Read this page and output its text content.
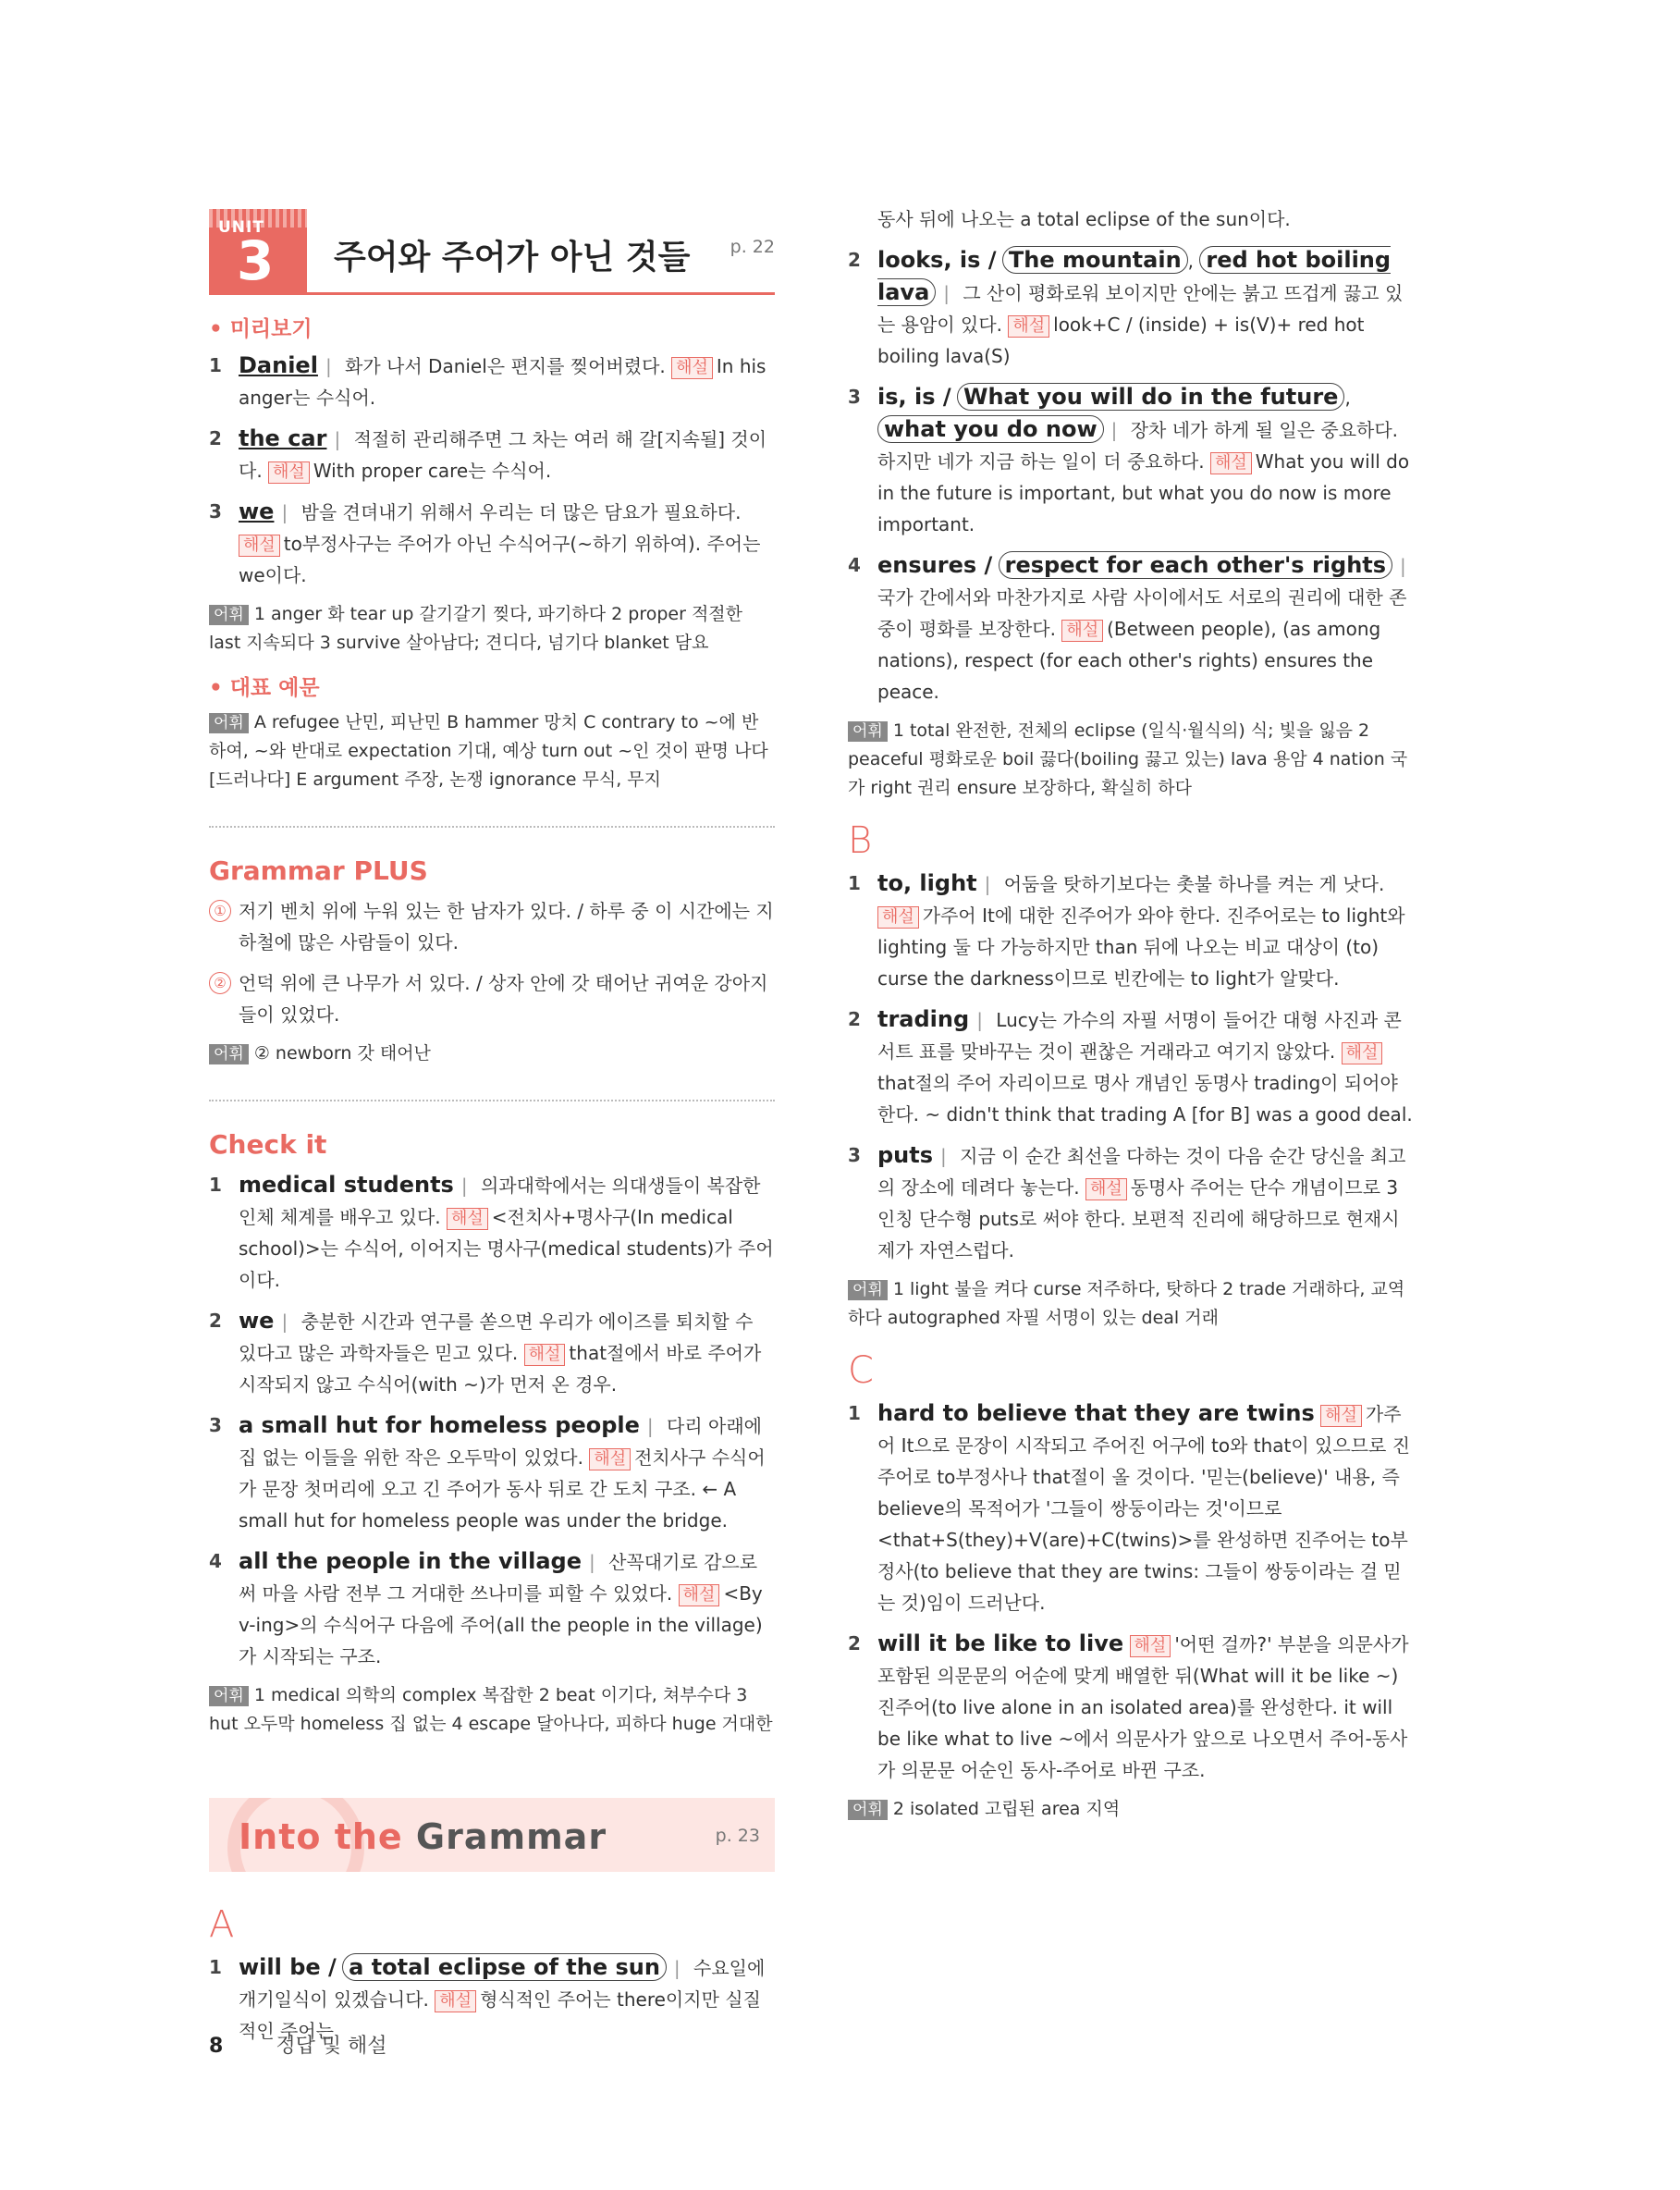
UNIT
3 주어와 주어가 아닌 것들 p. 22
• 미리보기
1 Daniel | 화가 나서 Daniel은 편지를 찢어버렸다. 해설 In his anger는 수식어.
2 the car | 적절히 관리해주면 그 차는 여러 해 갈[지속될] 것이다. 해설 With proper care는 수식어.
3 we | 밤을 견뎌내기 위해서 우리는 더 많은 담요가 필요하다. 해설 to부정사구는 주어가 아닌 수식어구(~하기 위하여). 주어는 we이다.
어휘 1 anger 화 tear up 갈기갈기 찢다, 파기하다 2 proper 적절한 last 지속되다 3 survive 살아남다; 견디다, 넘기다 blanket 담요
• 대표 예문
어휘 A refugee 난민, 피난민 B hammer 망치 C contrary to ~에 반하여, ~와 반대로 expectation 기대, 예상 turn out ~인 것이 판명 나다[드러나다] E argument 주장, 논쟁 ignorance 무식, 무지
Grammar PLUS
① 저기 벤치 위에 누워 있는 한 남자가 있다. / 하루 중 이 시간에는 지하철에 많은 사람들이 있다.
② 언덕 위에 큰 나무가 서 있다. / 상자 안에 갓 태어난 귀여운 강아지들이 있었다.
어휘 ② newborn 갓 태어난
Check it
1 medical students | 의과대학에서는 의대생들이 복잡한 인체 체계를 배우고 있다. 해설 <전치사+명사구(In medical school)>는 수식어, 이어지는 명사구(medical students)가 주어이다.
2 we | 충분한 시간과 연구를 쏟으면 우리가 에이즈를 퇴치할 수 있다고 많은 과학자들은 믿고 있다. 해설 that절에서 바로 주어가 시작되지 않고 수식어(with ~)가 먼저 온 경우.
3 a small hut for homeless people | 다리 아래에 집 없는 이들을 위한 작은 오두막이 있었다. 해설 전치사구 수식어가 문장 첫머리에 오고 긴 주어가 동사 뒤로 간 도치 구조. ← A small hut for homeless people was under the bridge.
4 all the people in the village | 산꼭대기로 감으로써 마을 사람 전부 그 거대한 쓰나미를 피할 수 있었다. 해설 <By v-ing>의 수식어구 다음에 주어(all the people in the village)가 시작되는 구조.
어휘 1 medical 의학의 complex 복잡한 2 beat 이기다, 쳐부수다 3 hut 오두막 homeless 집 없는 4 escape 달아나다, 피하다 huge 거대한
Into the Grammar	p. 23
A
1 will be / a total eclipse of the sun | 수요일에 개기일식이 있겠습니다. 해설 형식적인 주어는 there이지만 실질적인 주어는
동사 뒤에 나오는 a total eclipse of the sun이다.
2 looks, is / The mountain , red hot boiling lava | 그 산이 평화로워 보이지만 안에는 붉고 뜨겁게 끓고 있는 용암이 있다. 해설 look+C / (inside) + is(V)+ red hot boiling lava(S)
3 is, is / What you will do in the future , what you do now | 장차 네가 하게 될 일은 중요하다. 하지만 네가 지금 하는 일이 더 중요하다. 해설 What you will do in the future is important, but what you do now is more important.
4 ensures / respect for each other's rights | 국가 간에서와 마찬가지로 사람 사이에서도 서로의 권리에 대한 존중이 평화를 보장한다. 해설 (Between people), (as among nations), respect (for each other's rights) ensures the peace.
어휘 1 total 완전한, 전체의 eclipse (일식·월식의) 식; 빛을 잃음 2 peaceful 평화로운 boil 끓다(boiling 끓고 있는) lava 용암 4 nation 국가 right 권리 ensure 보장하다, 확실히 하다
B
1 to, light | 어둠을 탓하기보다는 촛불 하나를 켜는 게 낫다. 해설 가주어 It에 대한 진주어가 와야 한다. 진주어로는 to light와 lighting 둘 다 가능하지만 than 뒤에 나오는 비교 대상이 (to) curse the darkness이므로 빈칸에는 to light가 알맞다.
2 trading | Lucy는 가수의 자필 서명이 들어간 대형 사진과 콘서트 표를 맞바꾸는 것이 괜찮은 거래라고 여기지 않았다. 해설that절의 주어 자리이므로 명사 개념인 동명사 trading이 되어야 한다. ~ didn't think that trading A [for B] was a good deal.
3 puts | 지금 이 순간 최선을 다하는 것이 다음 순간 당신을 최고의 장소에 데려다 놓는다. 해설 동명사 주어는 단수 개념이므로 3인칭 단수형 puts로 써야 한다. 보편적 진리에 해당하므로 현재시제가 자연스럽다.
어휘 1 light 불을 켜다 curse 저주하다, 탓하다 2 trade 거래하다, 교역하다 autographed 자필 서명이 있는 deal 거래
C
1 hard to believe that they are twins 해설 가주어 It으로 문장이 시작되고 주어진 어구에 to와 that이 있으므로 진주어로 to부정사나 that절이 올 것이다. '믿는(believe)' 내용, 즉 believe의 목적어가 '그들이 쌍둥이라는 것'이므로 <that+S(they)+V(are)+C(twins)>를 완성하면 진주어는 to부정사(to believe that they are twins: 그들이 쌍둥이라는 걸 믿는 것)임이 드러난다.
2 will it be like to live 해설 '어떤 걸까?' 부분을 의문사가 포함된 의문문의 어순에 맞게 배열한 뒤(What will it be like ~) 진주어(to live alone in an isolated area)를 완성한다. it will be like what to live ~에서 의문사가 앞으로 나오면서 주어-동사가 의문문 어순인 동사-주어로 바뀐 구조.
어휘 2 isolated 고립된 area 지역
8	정답 및 해설
